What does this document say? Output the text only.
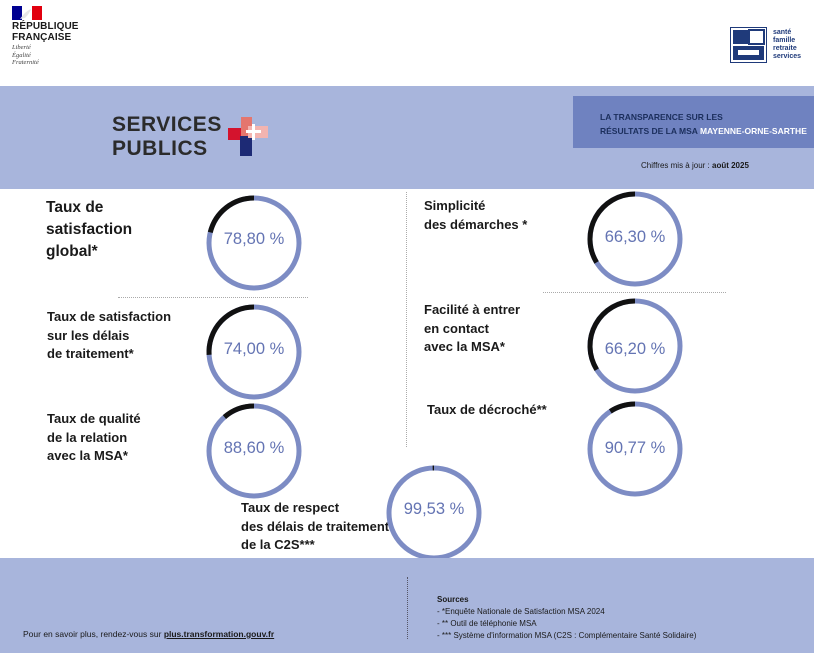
RÉPUBLIQUE
FRANÇAISE
Liberté
Égalité
Fraternité
santé
famille
retraite
services
SERVICES
PUBLICS
LA TRANSPARENCE SUR LES
RÉSULTATS DE LA MSA MAYENNE-ORNE-SARTHE
Chiffres mis à jour : août 2025
Taux de
satisfaction
global*
Taux de satisfaction
sur les délais
de traitement*
Taux de qualité
de la relation
avec la MSA*
Simplicité
des démarches *
Facilité à entrer
en contact
avec la MSA*
Taux de décroché**
Taux de respect
des délais de traitement
de la C2S***
78,80 %
74,00 %
88,60 %
66,30 %
66,20 %
90,77 %
99,53 %
Pour en savoir plus, rendez-vous sur plus.transformation.gouv.fr
Sources
- *Enquête Nationale de Satisfaction MSA 2024
- ** Outil de téléphonie MSA
- *** Système d'information MSA (C2S : Complémentaire Santé Solidaire)
